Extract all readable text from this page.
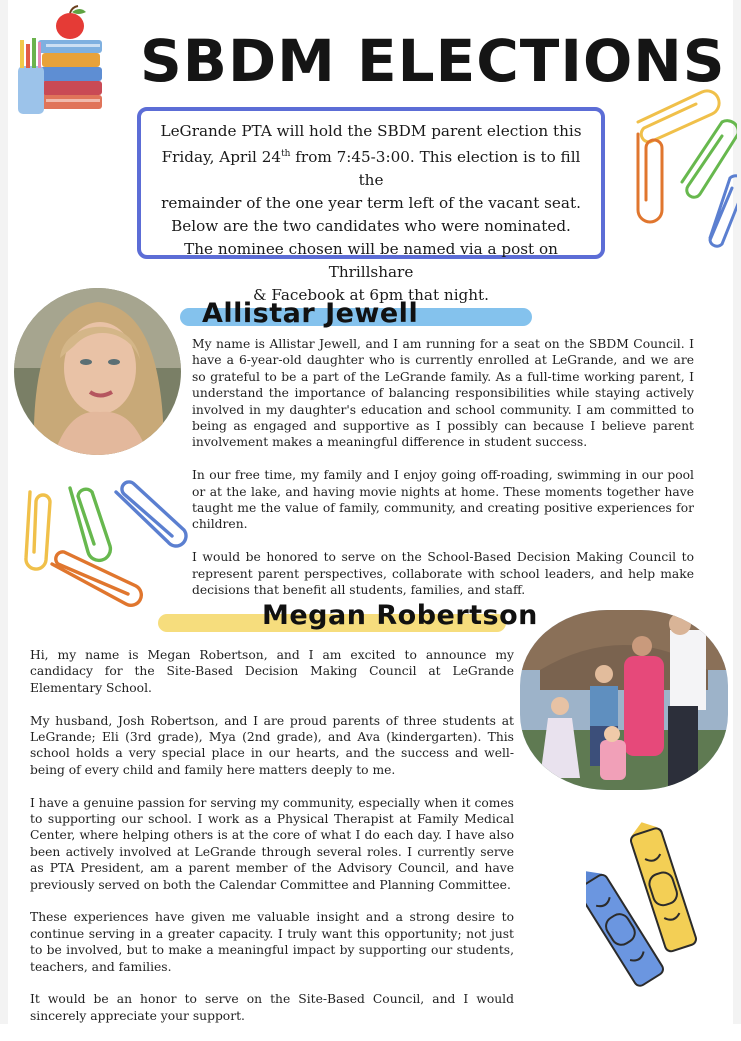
SBDM ELECTIONS

LeGrande PTA will hold the SBDM parent election this

Friday, April 24th from 7:45-3:00. This election is to fill the

remainder of the one year term left of the vacant seat.

Below are the two candidates who were nominated.

The nominee chosen will be named via a post on Thrillshare

& Facebook at 6pm that night.

Allistar Jewell

My name is Allistar Jewell, and I am running for a seat on the SBDM Council. I have a 6-year-old daughter who is currently enrolled at LeGrande, and we are so grateful to be a part of the LeGrande family. As a full-time working parent, I understand the importance of balancing responsibilities while staying actively involved in my daughter's education and school community. I am committed to being as engaged and supportive as I possibly can because I believe parent involvement makes a meaningful difference in student success.

In our free time, my family and I enjoy going off-roading, swimming in our pool or at the lake, and having movie nights at home. These moments together have taught me the value of family, community, and creating positive experiences for children.

I would be honored to serve on the School-Based Decision Making Council to represent parent perspectives, collaborate with school leaders, and help make decisions that benefit all students, families, and staff.

Megan Robertson

Hi, my name is Megan Robertson, and I am excited to announce my candidacy for the Site-Based Decision Making Council at LeGrande Elementary School.

My husband, Josh Robertson, and I are proud parents of three students at LeGrande; Eli (3rd grade), Mya (2nd grade), and Ava (kindergarten). This school holds a very special place in our hearts, and the success and well-being of every child and family here matters deeply to me.

I have a genuine passion for serving my community, especially when it comes to supporting our school. I work as a Physical Therapist at Family Medical Center, where helping others is at the core of what I do each day. I have also been actively involved at LeGrande through several roles. I currently serve as PTA President, am a parent member of the Advisory Council, and have previously served on both the Calendar Committee and Planning Committee.

These experiences have given me valuable insight and a strong desire to continue serving in a greater capacity. I truly want this opportunity; not just to be involved, but to make a meaningful impact by supporting our students, teachers, and families.

It would be an honor to serve on the Site-Based Council, and I would sincerely appreciate your support.
